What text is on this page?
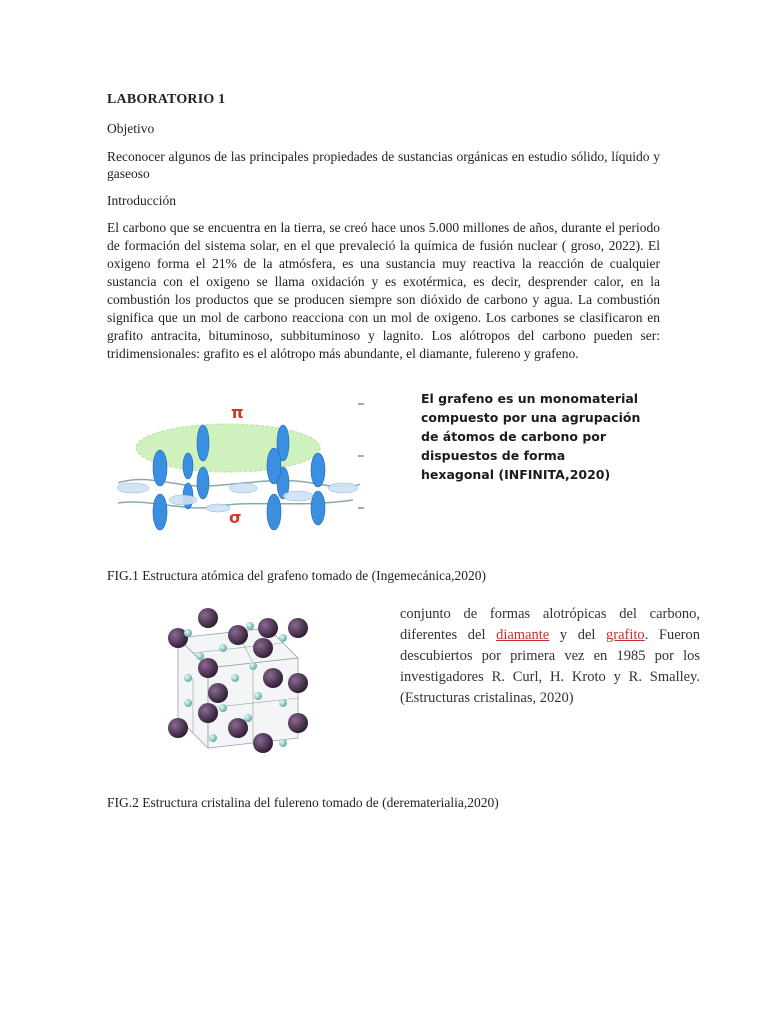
LABORATORIO 1
Objetivo
Reconocer algunos de las principales propiedades de sustancias orgánicas en estudio sólido, líquido y gaseoso
Introducción
El carbono que se encuentra en la tierra, se creó hace unos 5.000 millones de años, durante el periodo de formación del sistema solar, en el que prevaleció la química de fusión nuclear ( groso, 2022). El oxigeno forma el 21% de la atmósfera, es una sustancia muy reactiva la reacción de cualquier sustancia con el oxigeno se llama oxidación y es exotérmica, es decir, desprender calor, en la combustión los productos que se producen siempre son dióxido de carbono y agua. La combustión significa que un mol de carbono reacciona con un mol de oxigeno. Los carbones se clasificaron en grafito antracita, bituminoso, subbituminoso y lagnito. Los alótropos del carbono pueden ser: tridimensionales: grafito es el alótropo más abundante, el diamante, fulereno y grafeno.
π
σ
El grafeno es un monomaterial compuesto por una agrupación de átomos de carbono por dispuestos de forma hexagonal (INFINITA,2020)
FIG.1 Estructura atómica del grafeno tomado de (Ingemecánica,2020)
conjunto de formas alotrópicas del carbono, diferentes del diamante y del grafito. Fueron descubiertos por primera vez en 1985 por los investigadores R. Curl, H. Kroto y R. Smalley. (Estructuras cristalinas, 2020)
FIG.2 Estructura cristalina del fulereno tomado de (derematerialia,2020)
